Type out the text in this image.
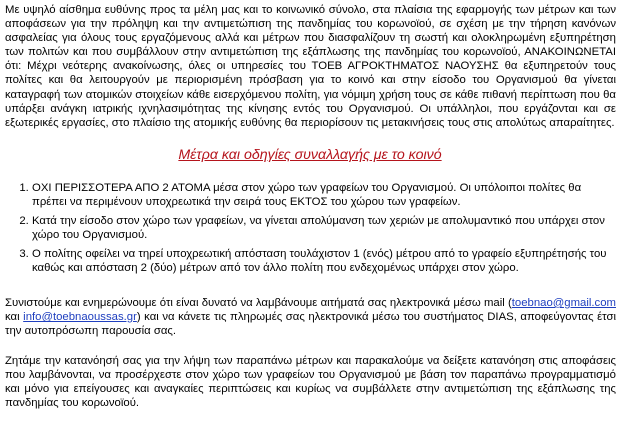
Με υψηλό αίσθημα ευθύνης προς τα μέλη μας και το κοινωνικό σύνολο, στα πλαίσια της εφαρμογής των μέτρων και των αποφάσεων για την πρόληψη και την αντιμετώπιση της πανδημίας του κορωνοϊού, σε σχέση με την τήρηση κανόνων ασφαλείας για όλους τους εργαζόμενους αλλά και μέτρων που διασφαλίζουν τη σωστή και ολοκληρωμένη εξυπηρέτηση των πολιτών και που συμβάλλουν στην αντιμετώπιση της εξάπλωσης της πανδημίας του κορωνοϊού, ΑΝΑΚΟΙΝΩΝΕΤΑΙ ότι: Μέχρι νεότερης ανακοίνωσης, όλες οι υπηρεσίες του ΤΟΕΒ ΑΓΡΟΚΤΗΜΑΤΟΣ ΝΑΟΥΣΗΣ θα εξυπηρετούν τους πολίτες και θα λειτουργούν με περιορισμένη πρόσβαση για το κοινό και στην είσοδο του Οργανισμού θα γίνεται καταγραφή των ατομικών στοιχείων κάθε εισερχόμενου πολίτη, για νόμιμη χρήση τους σε κάθε πιθανή περίπτωση που θα υπάρξει ανάγκη ιατρικής ιχνηλασιμότητας της κίνησης εντός του Οργανισμού. Οι υπάλληλοι, που εργάζονται και σε εξωτερικές εργασίες, στο πλαίσιο της ατομικής ευθύνης θα περιορίσουν τις μετακινήσεις τους στις απολύτως απαραίτητες.

Μέτρα και οδηγίες συναλλαγής με το κοινό

1. ΟΧΙ ΠΕΡΙΣΣΟΤΕΡΑ ΑΠΟ 2 ΑΤΟΜΑ μέσα στον χώρο των γραφείων του Οργανισμού. Οι υπόλοιποι πολίτες θα πρέπει να περιμένουν υποχρεωτικά την σειρά τους ΕΚΤΟΣ του χώρου των γραφείων.
2. Κατά την είσοδο στον χώρο των γραφείων, να γίνεται απολύμανση των χεριών με απολυμαντικό που υπάρχει στον χώρο του Οργανισμού.
3. Ο πολίτης οφείλει να τηρεί υποχρεωτική απόσταση τουλάχιστον 1 (ενός) μέτρου από το γραφείο εξυπηρέτησής του καθώς και απόσταση 2 (δύο) μέτρων από τον άλλο πολίτη που ενδεχομένως υπάρχει στον χώρο.

Συνιστούμε και ενημερώνουμε ότι είναι δυνατό να λαμβάνουμε αιτήματά σας ηλεκτρονικά μέσω mail (toebnao@gmail.com και info@toebnaoussas.gr) και να κάνετε τις πληρωμές σας ηλεκτρονικά μέσω του συστήματος DIAS, αποφεύγοντας έτσι την αυτοπρόσωπη παρουσία σας.

Ζητάμε την κατανόησή σας για την λήψη των παραπάνω μέτρων και παρακαλούμε να δείξετε κατανόηση στις αποφάσεις που λαμβάνονται, να προσέρχεστε στον χώρο των γραφείων του Οργανισμού με βάση τον παραπάνω προγραμματισμό και μόνο για επείγουσες και αναγκαίες περιπτώσεις και κυρίως να συμβάλλετε στην αντιμετώπιση της εξάπλωσης της πανδημίας του κορωνοϊού.
